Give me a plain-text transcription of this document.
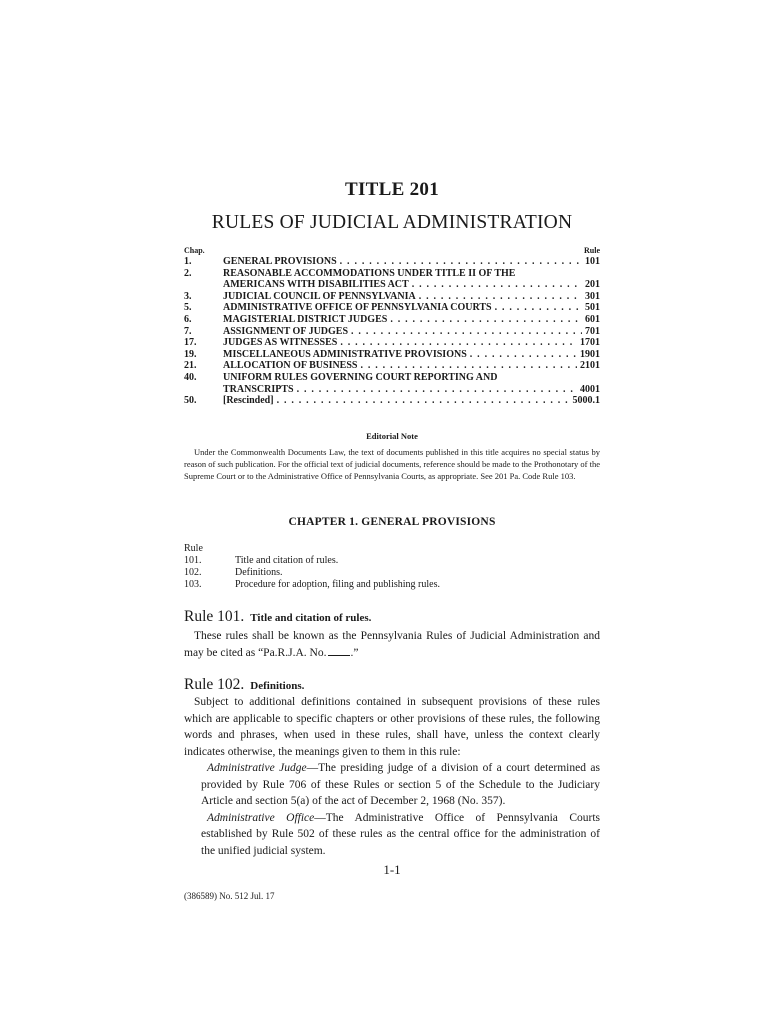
TITLE 201
RULES OF JUDICIAL ADMINISTRATION
Chap.	Rule
1.	GENERAL PROVISIONS . . .	101
2.	REASONABLE ACCOMMODATIONS UNDER TITLE II OF THE
AMERICANS WITH DISABILITIES ACT . . .	201
3.	JUDICIAL COUNCIL OF PENNSYLVANIA . . .	301
5.	ADMINISTRATIVE OFFICE OF PENNSYLVANIA COURTS . . .	501
6.	MAGISTERIAL DISTRICT JUDGES . . .	601
7.	ASSIGNMENT OF JUDGES . . .	701
17.	JUDGES AS WITNESSES . . .	1701
19.	MISCELLANEOUS ADMINISTRATIVE PROVISIONS . . .	1901
21.	ALLOCATION OF BUSINESS . . .	2101
40.	UNIFORM RULES GOVERNING COURT REPORTING AND
TRANSCRIPTS . . .	4001
50.	[Rescinded] . . .	5000.1
Editorial Note
Under the Commonwealth Documents Law, the text of documents published in this title acquires no special status by reason of such publication. For the official text of judicial documents, reference should be made to the Prothonotary of the Supreme Court or to the Administrative Office of Pennsylvania Courts, as appropriate. See 201 Pa. Code Rule 103.
CHAPTER 1. GENERAL PROVISIONS
Rule
101.	Title and citation of rules.
102.	Definitions.
103.	Procedure for adoption, filing and publishing rules.
Rule 101. Title and citation of rules.
These rules shall be known as the Pennsylvania Rules of Judicial Administration and may be cited as “Pa.R.J.A. No. .”
Rule 102. Definitions.
Subject to additional definitions contained in subsequent provisions of these rules which are applicable to specific chapters or other provisions of these rules, the following words and phrases, when used in these rules, shall have, unless the context clearly indicates otherwise, the meanings given to them in this rule:
Administrative Judge—The presiding judge of a division of a court determined as provided by Rule 706 of these Rules or section 5 of the Schedule to the Judiciary Article and section 5(a) of the act of December 2, 1968 (No. 357).
Administrative Office—The Administrative Office of Pennsylvania Courts established by Rule 502 of these rules as the central office for the administration of the unified judicial system.
1-1
(386589) No. 512 Jul. 17
